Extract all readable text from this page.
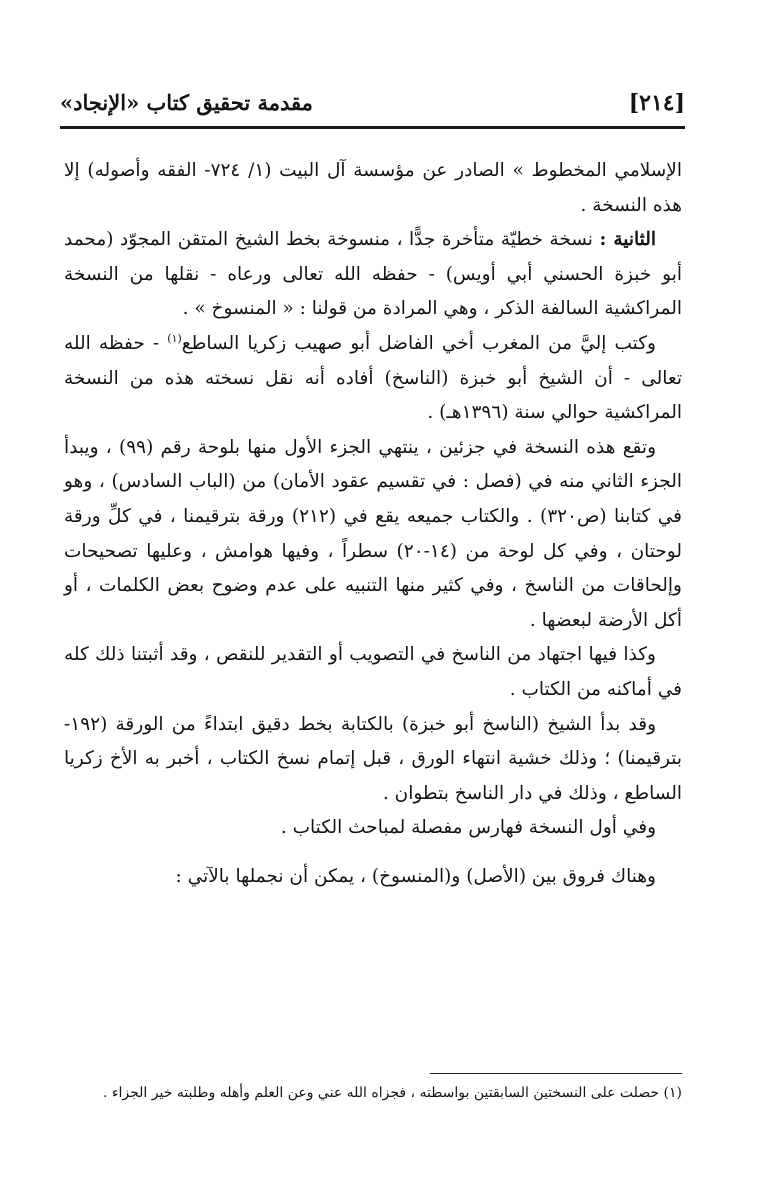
[٢١٤]
مقدمة تحقيق كتاب «الإنجاد»

الإسلامي المخطوط » الصادر عن مؤسسة آل البيت (١/ ٧٢٤- الفقه وأصوله) إلا هذه النسخة .

الثانية : نسخة خطيّة متأخرة جدًّا ، منسوخة بخط الشيخ المتقن المجوّد (محمد أبو خبزة الحسني أبي أويس) - حفظه الله تعالى ورعاه - نقلها من النسخة المراكشية السالفة الذكر ، وهي المرادة من قولنا : « المنسوخ » .

وكتب إليَّ من المغرب أخي الفاضل أبو صهيب زكريا الساطع$^{(١)}$ - حفظه الله تعالى - أن الشيخ أبو خبزة (الناسخ) أفاده أنه نقل نسخته هذه من النسخة المراكشية حوالي سنة (١٣٩٦هـ) .

وتقع هذه النسخة في جزئين ، ينتهي الجزء الأول منها بلوحة رقم (٩٩) ، ويبدأ الجزء الثاني منه في (فصل : في تقسيم عقود الأمان) من (الباب السادس) ، وهو في كتابنا (ص٣٢٠) . والكتاب جميعه يقع في (٢١٢) ورقة بترقيمنا ، في كلِّ ورقة لوحتان ، وفي كل لوحة من (١٤-٢٠) سطراً ، وفيها هوامش ، وعليها تصحيحات وإلحاقات من الناسخ ، وفي كثير منها التنبيه على عدم وضوح بعض الكلمات ، أو أكل الأرضة لبعضها .

وكذا فيها اجتهاد من الناسخ في التصويب أو التقدير للنقص ، وقد أثبتنا ذلك كله في أماكنه من الكتاب .

وقد بدأ الشيخ (الناسخ أبو خبزة) بالكتابة بخط دقيق ابتداءً من الورقة (١٩٢- بترقيمنا) ؛ وذلك خشية انتهاء الورق ، قبل إتمام نسخ الكتاب ، أخبر به الأخ زكريا الساطع ، وذلك في دار الناسخ بتطوان .

وفي أول النسخة فهارس مفصلة لمباحث الكتاب .

وهناك فروق بين (الأصل) و(المنسوخ) ، يمكن أن نجملها بالآتي :

(١) حصلت على النسختين السابقتين بواسطته ، فجزاه الله عني وعن العلم وأهله وطلبته خير الجزاء .
